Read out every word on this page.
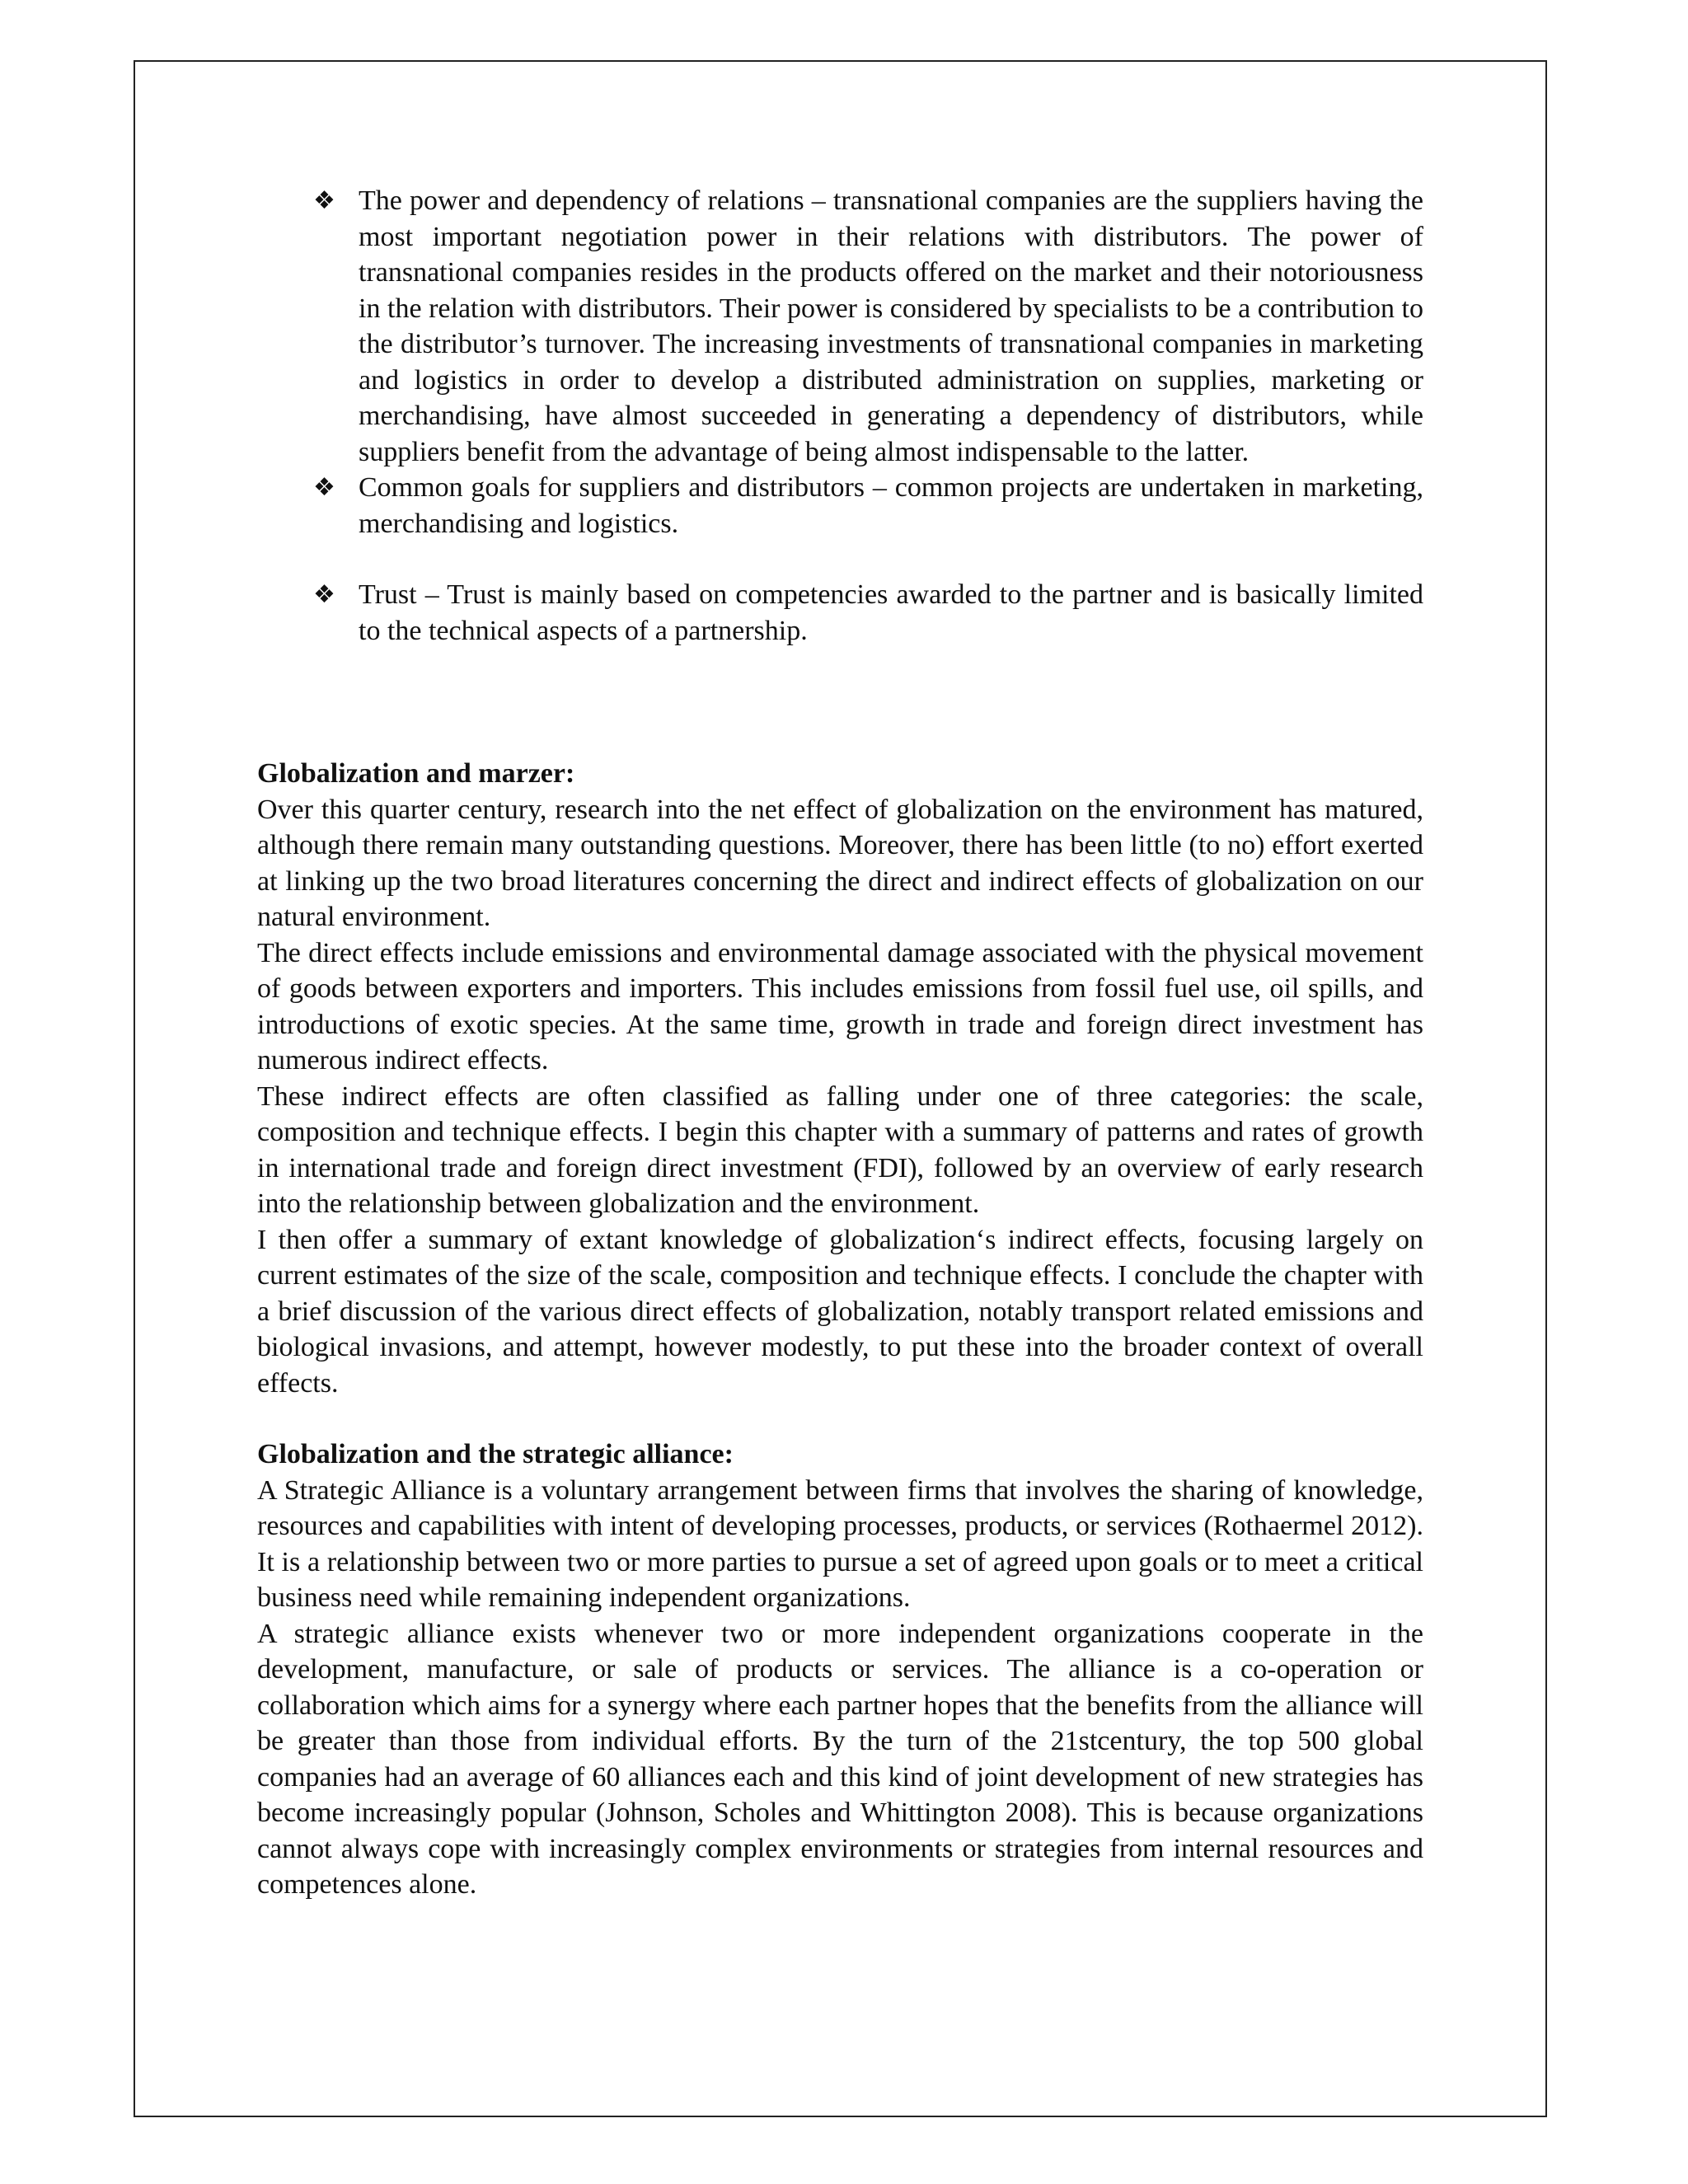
❖ The power and dependency of relations – transnational companies are the suppliers having the most important negotiation power in their relations with distributors. The power of transnational companies resides in the products offered on the market and their notoriousness in the relation with distributors. Their power is considered by specialists to be a contribution to the distributor’s turnover. The increasing investments of transnational companies in marketing and logistics in order to develop a distributed administration on supplies, marketing or merchandising, have almost succeeded in generating a dependency of distributors, while suppliers benefit from the advantage of being almost indispensable to the latter.
❖ Common goals for suppliers and distributors – common projects are undertaken in marketing, merchandising and logistics.
❖ Trust – Trust is mainly based on competencies awarded to the partner and is basically limited to the technical aspects of a partnership.

Globalization and marzer:

Over this quarter century, research into the net effect of globalization on the environment has matured, although there remain many outstanding questions. Moreover, there has been little (to no) effort exerted at linking up the two broad literatures concerning the direct and indirect effects of globalization on our natural environment.

The direct effects include emissions and environmental damage associated with the physical movement of goods between exporters and importers. This includes emissions from fossil fuel use, oil spills, and introductions of exotic species. At the same time, growth in trade and foreign direct investment has numerous indirect effects.

These indirect effects are often classified as falling under one of three categories: the scale, composition and technique effects. I begin this chapter with a summary of patterns and rates of growth in international trade and foreign direct investment (FDI), followed by an overview of early research into the relationship between globalization and the environment.

I then offer a summary of extant knowledge of globalization‘s indirect effects, focusing largely on current estimates of the size of the scale, composition and technique effects. I conclude the chapter with a brief discussion of the various direct effects of globalization, notably transport related emissions and biological invasions, and attempt, however modestly, to put these into the broader context of overall effects.

Globalization and the strategic alliance:

A Strategic Alliance is a voluntary arrangement between firms that involves the sharing of knowledge, resources and capabilities with intent of developing processes, products, or services (Rothaermel 2012). It is a relationship between two or more parties to pursue a set of agreed upon goals or to meet a critical business need while remaining independent organizations.

A strategic alliance exists whenever two or more independent organizations cooperate in the development, manufacture, or sale of products or services. The alliance is a co-operation or collaboration which aims for a synergy where each partner hopes that the benefits from the alliance will be greater than those from individual efforts. By the turn of the 21stcentury, the top 500 global companies had an average of 60 alliances each and this kind of joint development of new strategies has become increasingly popular (Johnson, Scholes and Whittington 2008). This is because organizations cannot always cope with increasingly complex environments or strategies from internal resources and competences alone.
